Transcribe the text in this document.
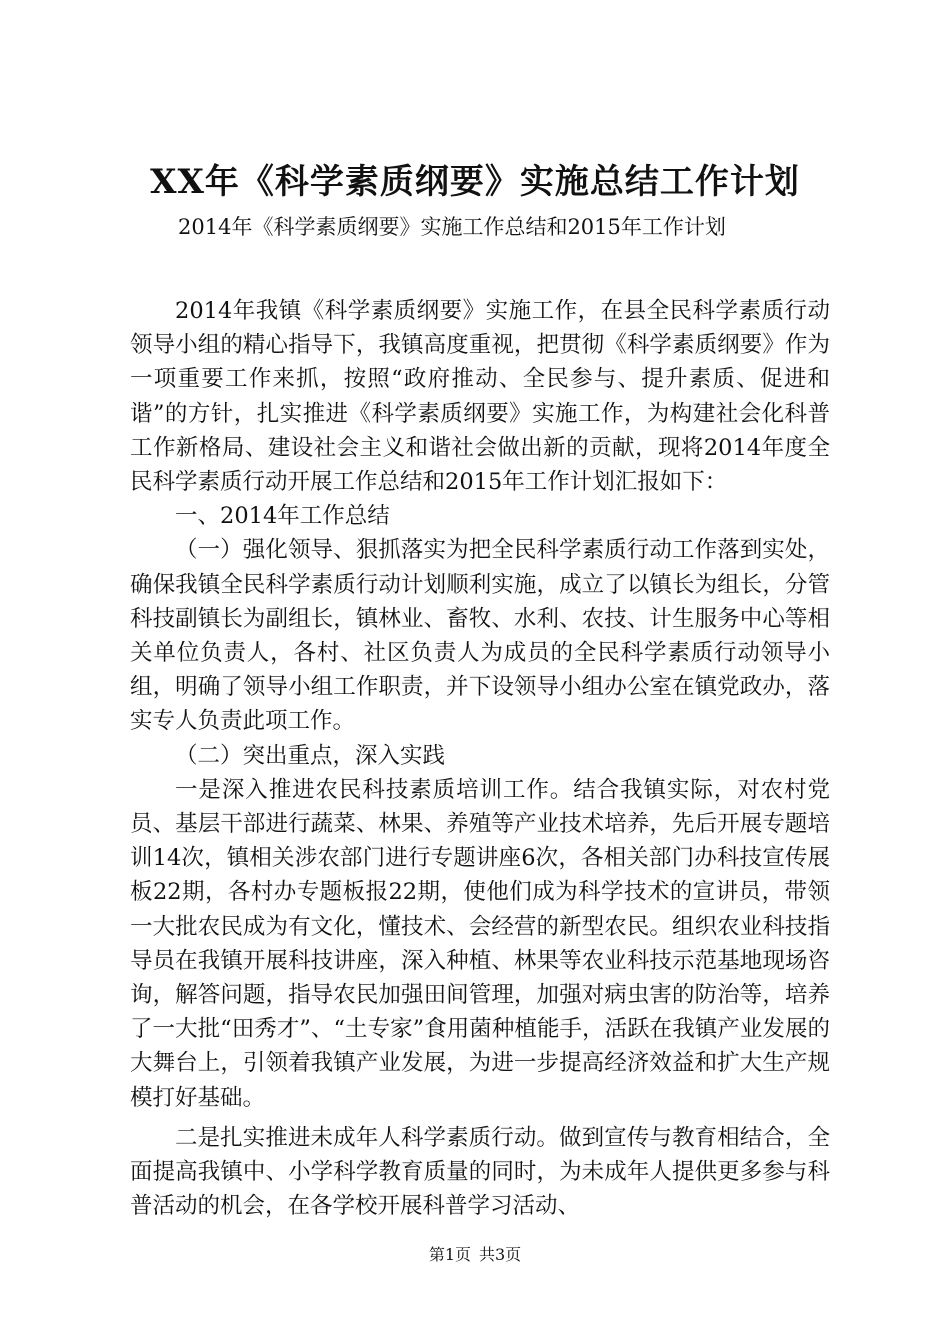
XX年《科学素质纲要》实施总结工作计划
2014年《科学素质纲要》实施工作总结和2015年工作计划

2014年我镇《科学素质纲要》实施工作，在县全民科学素质行动领导小组的精心指导下，我镇高度重视，把贯彻《科学素质纲要》作为一项重要工作来抓，按照“政府推动、全民参与、提升素质、促进和谐”的方针，扎实推进《科学素质纲要》实施工作，为构建社会化科普工作新格局、建设社会主义和谐社会做出新的贡献，现将2014年度全民科学素质行动开展工作总结和2015年工作计划汇报如下：

一、2014年工作总结

（一）强化领导、狠抓落实为把全民科学素质行动工作落到实处，确保我镇全民科学素质行动计划顺利实施，成立了以镇长为组长，分管科技副镇长为副组长，镇林业、畜牧、水利、农技、计生服务中心等相关单位负责人，各村、社区负责人为成员的全民科学素质行动领导小组，明确了领导小组工作职责，并下设领导小组办公室在镇党政办，落实专人负责此项工作。

（二）突出重点，深入实践

一是深入推进农民科技素质培训工作。结合我镇实际，对农村党员、基层干部进行蔬菜、林果、养殖等产业技术培养，先后开展专题培训14次，镇相关涉农部门进行专题讲座6次，各相关部门办科技宣传展板22期，各村办专题板报22期，使他们成为科学技术的宣讲员，带领一大批农民成为有文化，懂技术、会经营的新型农民。组织农业科技指导员在我镇开展科技讲座，深入种植、林果等农业科技示范基地现场咨询，解答问题，指导农民加强田间管理，加强对病虫害的防治等，培养了一大批“田秀才”、“土专家”食用菌种植能手，活跃在我镇产业发展的大舞台上，引领着我镇产业发展，为进一步提高经济效益和扩大生产规模打好基础。

二是扎实推进未成年人科学素质行动。做到宣传与教育相结合，全面提高我镇中、小学科学教育质量的同时，为未成年人提供更多参与科普活动的机会，在各学校开展科普学习活动、

第1页 共3页
